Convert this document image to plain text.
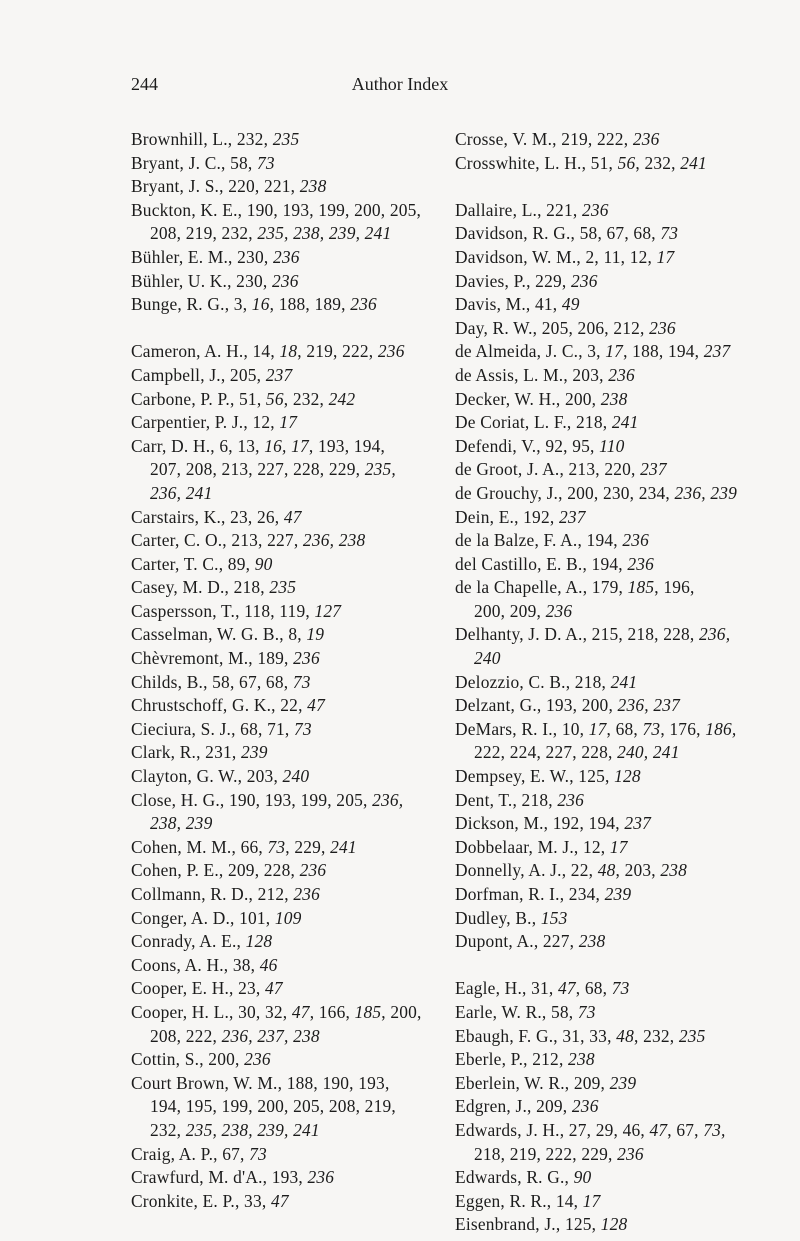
244	Author Index
Brownhill, L., 232, 235
Bryant, J. C., 58, 73
Bryant, J. S., 220, 221, 238
Buckton, K. E., 190, 193, 199, 200, 205,
208, 219, 232, 235, 238, 239, 241
Bühler, E. M., 230, 236
Bühler, U. K., 230, 236
Bunge, R. G., 3, 16, 188, 189, 236
Cameron, A. H., 14, 18, 219, 222, 236
Campbell, J., 205, 237
Carbone, P. P., 51, 56, 232, 242
Carpentier, P. J., 12, 17
Carr, D. H., 6, 13, 16, 17, 193, 194,
207, 208, 213, 227, 228, 229, 235,
236, 241
Carstairs, K., 23, 26, 47
Carter, C. O., 213, 227, 236, 238
Carter, T. C., 89, 90
Casey, M. D., 218, 235
Caspersson, T., 118, 119, 127
Casselman, W. G. B., 8, 19
Chèvremont, M., 189, 236
Childs, B., 58, 67, 68, 73
Chrustschoff, G. K., 22, 47
Cieciura, S. J., 68, 71, 73
Clark, R., 231, 239
Clayton, G. W., 203, 240
Close, H. G., 190, 193, 199, 205, 236,
238, 239
Cohen, M. M., 66, 73, 229, 241
Cohen, P. E., 209, 228, 236
Collmann, R. D., 212, 236
Conger, A. D., 101, 109
Conrady, A. E., 128
Coons, A. H., 38, 46
Cooper, E. H., 23, 47
Cooper, H. L., 30, 32, 47, 166, 185, 200,
208, 222, 236, 237, 238
Cottin, S., 200, 236
Court Brown, W. M., 188, 190, 193,
194, 195, 199, 200, 205, 208, 219,
232, 235, 238, 239, 241
Craig, A. P., 67, 73
Crawfurd, M. d'A., 193, 236
Cronkite, E. P., 33, 47
Crosse, V. M., 219, 222, 236
Crosswhite, L. H., 51, 56, 232, 241
Dallaire, L., 221, 236
Davidson, R. G., 58, 67, 68, 73
Davidson, W. M., 2, 11, 12, 17
Davies, P., 229, 236
Davis, M., 41, 49
Day, R. W., 205, 206, 212, 236
de Almeida, J. C., 3, 17, 188, 194, 237
de Assis, L. M., 203, 236
Decker, W. H., 200, 238
De Coriat, L. F., 218, 241
Defendi, V., 92, 95, 110
de Groot, J. A., 213, 220, 237
de Grouchy, J., 200, 230, 234, 236, 239
Dein, E., 192, 237
de la Balze, F. A., 194, 236
del Castillo, E. B., 194, 236
de la Chapelle, A., 179, 185, 196,
200, 209, 236
Delhanty, J. D. A., 215, 218, 228, 236,
240
Delozzio, C. B., 218, 241
Delzant, G., 193, 200, 236, 237
DeMars, R. I., 10, 17, 68, 73, 176, 186,
222, 224, 227, 228, 240, 241
Dempsey, E. W., 125, 128
Dent, T., 218, 236
Dickson, M., 192, 194, 237
Dobbelaar, M. J., 12, 17
Donnelly, A. J., 22, 48, 203, 238
Dorfman, R. I., 234, 239
Dudley, B., 153
Dupont, A., 227, 238
Eagle, H., 31, 47, 68, 73
Earle, W. R., 58, 73
Ebaugh, F. G., 31, 33, 48, 232, 235
Eberle, P., 212, 238
Eberlein, W. R., 209, 239
Edgren, J., 209, 236
Edwards, J. H., 27, 29, 46, 47, 67, 73,
218, 219, 222, 229, 236
Edwards, R. G., 90
Eggen, R. R., 14, 17
Eisenbrand, J., 125, 128
